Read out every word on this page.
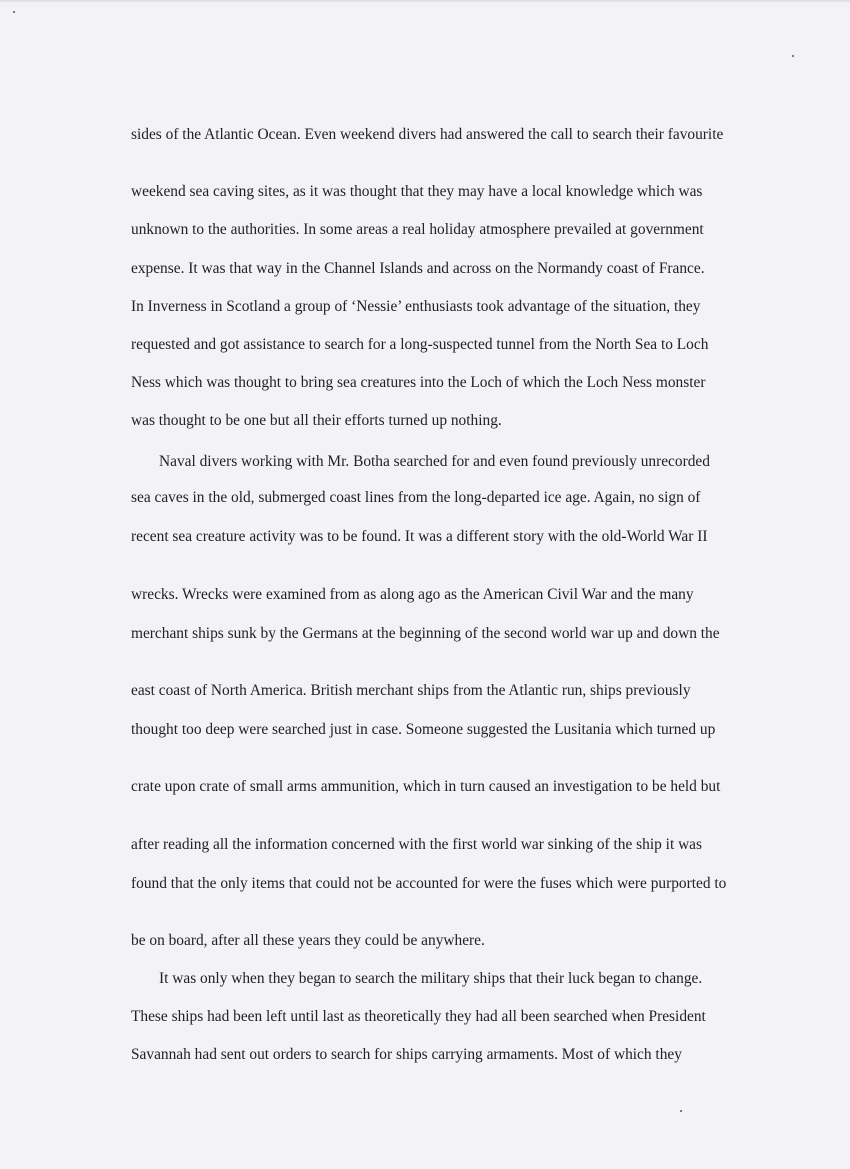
sides of the Atlantic Ocean. Even weekend divers had answered the call to search their favourite
weekend sea caving sites, as it was thought that they may have a local knowledge which was
unknown to the authorities. In some areas a real holiday atmosphere prevailed at government
expense. It was that way in the Channel Islands and across on the Normandy coast of France.
In Inverness in Scotland a group of ‘Nessie’ enthusiasts took advantage of the situation, they
requested and got assistance to search for a long-suspected tunnel from the North Sea to Loch
Ness which was thought to bring sea creatures into the Loch of which the Loch Ness monster
was thought to be one but all their efforts turned up nothing.
Naval divers working with Mr. Botha searched for and even found previously unrecorded
sea caves in the old, submerged coast lines from the long-departed ice age. Again, no sign of
recent sea creature activity was to be found. It was a different story with the old-World War II
wrecks. Wrecks were examined from as along ago as the American Civil War and the many
merchant ships sunk by the Germans at the beginning of the second world war up and down the
east coast of North America. British merchant ships from the Atlantic run, ships previously
thought too deep were searched just in case. Someone suggested the Lusitania which turned up
crate upon crate of small arms ammunition, which in turn caused an investigation to be held but
after reading all the information concerned with the first world war sinking of the ship it was
found that the only items that could not be accounted for were the fuses which were purported to
be on board, after all these years they could be anywhere.
It was only when they began to search the military ships that their luck began to change.
These ships had been left until last as theoretically they had all been searched when President
Savannah had sent out orders to search for ships carrying armaments. Most of which they
